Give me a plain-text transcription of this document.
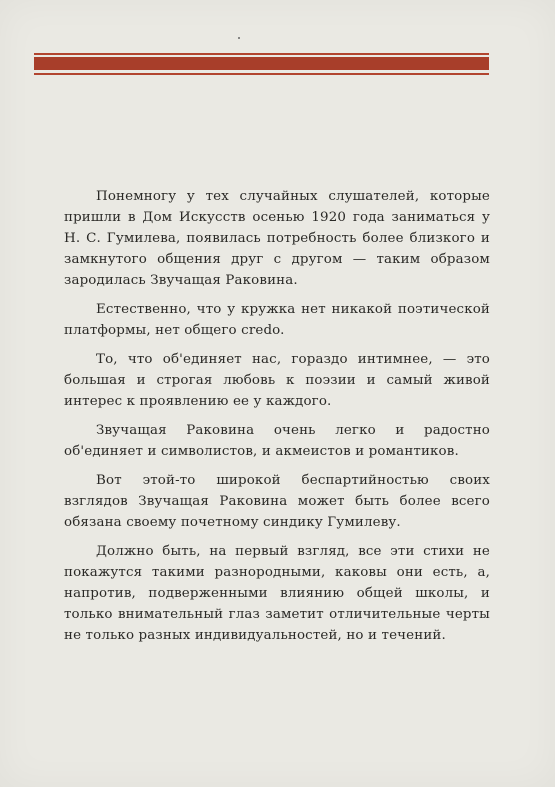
Понемногу у тех случайных слушателей, которые пришли в Дом Искусств осенью 1920 года заниматься у Н. С. Гумилева, появилась потребность более близкого и замкнутого общения друг с другом — таким образом зародилась Звучащая Раковина.

Естественно, что у кружка нет никакой поэтической платформы, нет общего credo.

То, что об'единяет нас, гораздо интимнее, — это большая и строгая любовь к поэзии и самый живой интерес к проявлению ее у каждого.

Звучащая Раковина очень легко и радостно об'единяет и символистов, и акмеистов и романтиков.

Вот этой-то широкой беспартийностью своих взглядов Звучащая Раковина может быть более всего обязана своему почетному синдику Гумилеву.

Должно быть, на первый взгляд, все эти стихи не покажутся такими разнородными, каковы они есть, а, напротив, подверженными влиянию общей школы, и только внимательный глаз заметит отличительные черты не только разных индивидуальностей, но и течений.
